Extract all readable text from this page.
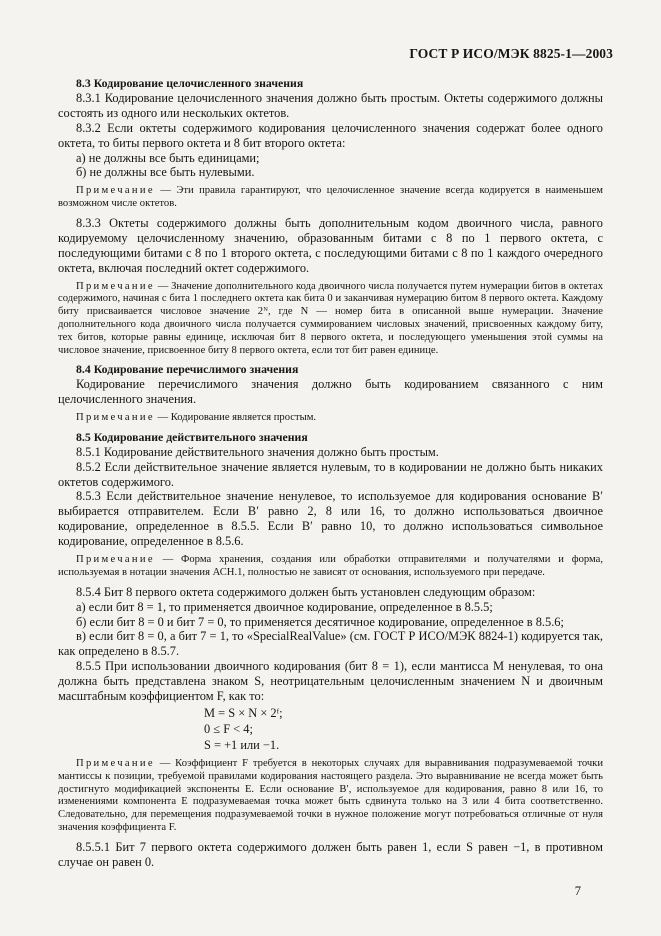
ГОСТ Р ИСО/МЭК 8825-1—2003

8.3 Кодирование целочисленного значения

8.3.1 Кодирование целочисленного значения должно быть простым. Октеты содержимого должны состоять из одного или нескольких октетов.

8.3.2 Если октеты содержимого кодирования целочисленного значения содержат более одного октета, то биты первого октета и 8 бит второго октета:

а) не должны все быть единицами;

б) не должны все быть нулевыми.

Примечание — Эти правила гарантируют, что целочисленное значение всегда кодируется в наименьшем возможном числе октетов.

8.3.3 Октеты содержимого должны быть дополнительным кодом двоичного числа, равного кодируемому целочисленному значению, образованным битами с 8 по 1 первого октета, с последующими битами с 8 по 1 второго октета, с последующими битами с 8 по 1 каждого очередного октета, включая последний октет содержимого.

Примечание — Значение дополнительного кода двоичного числа получается путем нумерации битов в октетах содержимого, начиная с бита 1 последнего октета как бита 0 и заканчивая нумерацию битом 8 первого октета. Каждому биту присваивается числовое значение 2ᴺ, где N — номер бита в описанной выше нумерации. Значение дополнительного кода двоичного числа получается суммированием числовых значений, присвоенных каждому биту, тех битов, которые равны единице, исключая бит 8 первого октета, и последующего уменьшения этой суммы на числовое значение, присвоенное биту 8 первого октета, если тот бит равен единице.

8.4 Кодирование перечислимого значения

Кодирование перечислимого значения должно быть кодированием связанного с ним целочисленного значения.

Примечание — Кодирование является простым.

8.5 Кодирование действительного значения

8.5.1 Кодирование действительного значения должно быть простым.

8.5.2 Если действительное значение является нулевым, то в кодировании не должно быть никаких октетов содержимого.

8.5.3 Если действительное значение ненулевое, то используемое для кодирования основание B′ выбирается отправителем. Если B′ равно 2, 8 или 16, то должно использоваться двоичное кодирование, определенное в 8.5.5. Если B′ равно 10, то должно использоваться символьное кодирование, определенное в 8.5.6.

Примечание — Форма хранения, создания или обработки отправителями и получателями и форма, используемая в нотации значения АСН.1, полностью не зависят от основания, используемого при передаче.

8.5.4 Бит 8 первого октета содержимого должен быть установлен следующим образом:

а) если бит 8 = 1, то применяется двоичное кодирование, определенное в 8.5.5;

б) если бит 8 = 0 и бит 7 = 0, то применяется десятичное кодирование, определенное в 8.5.6;

в) если бит 8 = 0, а бит 7 = 1, то «SpecialRealValue» (см. ГОСТ Р ИСО/МЭК 8824-1) кодируется так, как определено в 8.5.7.

8.5.5 При использовании двоичного кодирования (бит 8 = 1), если мантисса M ненулевая, то она должна быть представлена знаком S, неотрицательным целочисленным значением N и двоичным масштабным коэффициентом F, как то:

M = S × N × 2ᶠ;
0 ≤ F < 4;
S = +1 или −1.

Примечание — Коэффициент F требуется в некоторых случаях для выравнивания подразумеваемой точки мантиссы к позиции, требуемой правилами кодирования настоящего раздела. Это выравнивание не всегда может быть достигнуто модификацией экспоненты E. Если основание B′, используемое для кодирования, равно 8 или 16, то изменениями компонента E подразумеваемая точка может быть сдвинута только на 3 или 4 бита соответственно. Следовательно, для перемещения подразумеваемой точки в нужное положение могут потребоваться отличные от нуля значения коэффициента F.

8.5.5.1 Бит 7 первого октета содержимого должен быть равен 1, если S равен −1, в противном случае он равен 0.

7
